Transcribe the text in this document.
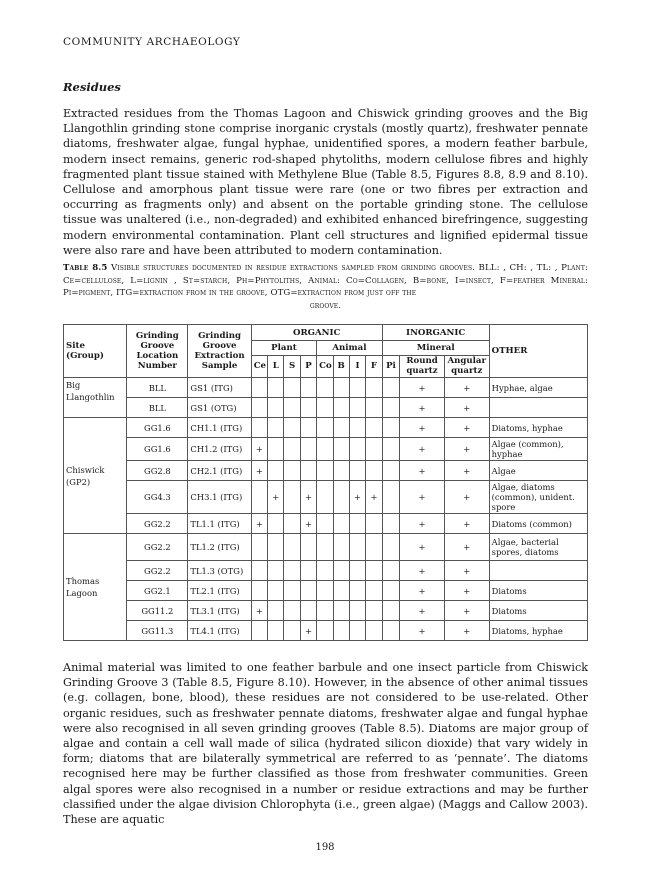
COMMUNITY ARCHAEOLOGY
Residues

Extracted residues from the Thomas Lagoon and Chiswick grinding grooves and the Big Llangothlin grinding stone comprise inorganic crystals (mostly quartz), freshwater pennate diatoms, freshwater algae, fungal hyphae, unidentified spores, a modern feather barbule, modern insect remains, generic rod-shaped phytoliths, modern cellulose fibres and highly fragmented plant tissue stained with Methylene Blue (Table 8.5, Figures 8.8, 8.9 and 8.10). Cellulose and amorphous plant tissue were rare (one or two fibres per extraction and occurring as fragments only) and absent on the portable grinding stone. The cellulose tissue was unaltered (i.e., non-degraded) and exhibited enhanced birefringence, suggesting modern environmental contamination. Plant cell structures and lignified epidermal tissue were also rare and have been attributed to modern contamination.

Table 8.5 Visible structures documented in residue extractions sampled from grinding grooves. BLL: , CH: , TL: , Plant: Ce=cellulose, L=lignin , St=starch, Ph=Phytoliths, Animal: Co=Collagen, B=bone, I=insect, F=feather Mineral: Pi=pigment, ITG=extraction from in the groove, OTG=extraction from just off the
groove.
Site (Group)	Grinding Groove Location Number	Grinding Groove Extraction Sample	ORGANIC								INORGANIC			OTHER
			Plant				Animal				Mineral			
			Ce	L	S	P	Co	B	I	F	Pi	Round quartz	Angular quartz	
Big Llangothlin	BLL	GS1 (ITG)										+	+	Hyphae, algae
	BLL	GS1 (OTG)										+	+	
Chiswick (GP2)	GG1.6	CH1.1 (ITG)										+	+	Diatoms, hyphae
	GG1.6	CH1.2 (ITG)	+									+	+	Algae (common), hyphae
	GG2.8	CH2.1 (ITG)	+									+	+	Algae
	GG4.3	CH3.1 (ITG)		+		+			+	+		+	+	Algae, diatoms (common), unident. spore
	GG2.2	TL1.1 (ITG)	+			+						+	+	Diatoms (common)
Thomas Lagoon	GG2.2	TL1.2 (ITG)										+	+	Algae, bacterial spores, diatoms
	GG2.2	TL1.3 (OTG)										+	+	
	GG2.1	TL2.1 (ITG)										+	+	Diatoms
	GG11.2	TL3.1 (ITG)	+									+	+	Diatoms
	GG11.3	TL4.1 (ITG)				+						+	+	Diatoms, hyphae

Animal material was limited to one feather barbule and one insect particle from Chiswick Grinding Groove 3 (Table 8.5, Figure 8.10). However, in the absence of other animal tissues (e.g. collagen, bone, blood), these residues are not considered to be use-related. Other organic residues, such as freshwater pennate diatoms, freshwater algae and fungal hyphae were also recognised in all seven grinding grooves (Table 8.5). Diatoms are major group of algae and contain a cell wall made of silica (hydrated silicon dioxide) that vary widely in form; diatoms that are bilaterally symmetrical are referred to as ‘pennate’. The diatoms recognised here may be further classified as those from freshwater communities. Green algal spores were also recognised in a number or residue extractions and may be further classified under the algae division Chlorophyta (i.e., green algae) (Maggs and Callow 2003). These are aquatic

198
